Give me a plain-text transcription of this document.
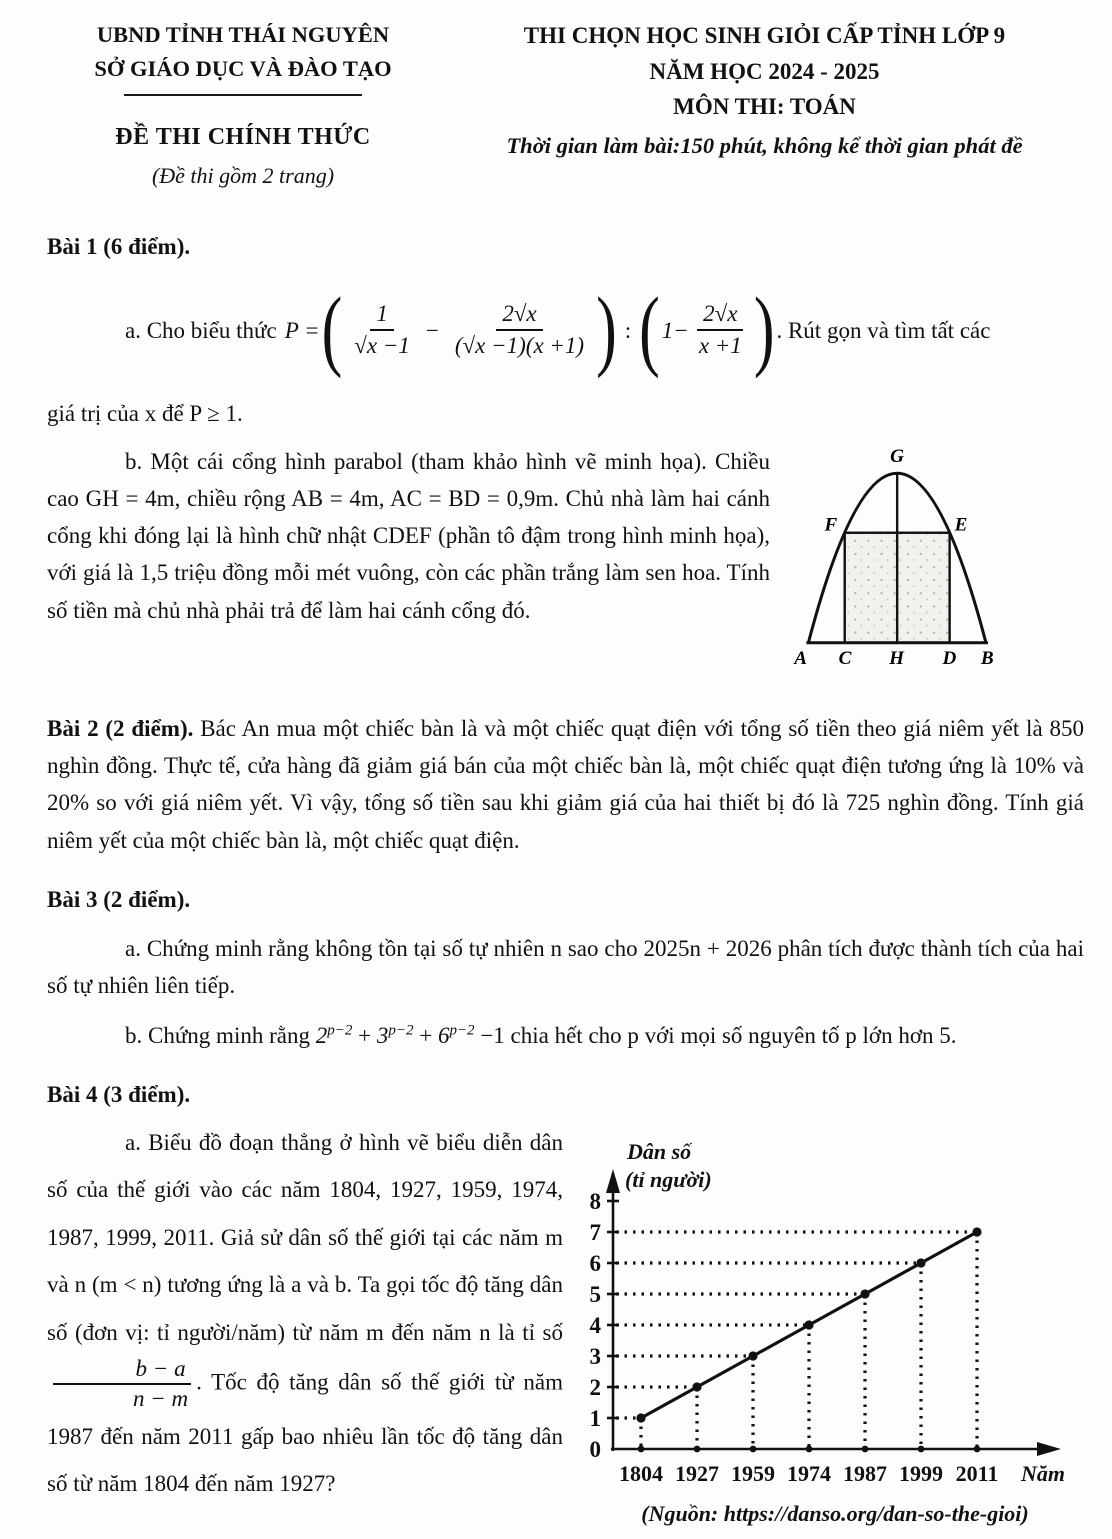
UBND TỈNH THÁI NGUYÊN
SỞ GIÁO DỤC VÀ ĐÀO TẠO
ĐỀ THI CHÍNH THỨC
(Đề thi gồm 2 trang)
THI CHỌN HỌC SINH GIỎI CẤP TỈNH LỚP 9
NĂM HỌC 2024 - 2025
MÔN THI: TOÁN
Thời gian làm bài:150 phút, không kể thời gian phát đề

Bài 1 (6 điểm).

a. Cho biểu thức P = ( $\frac{1}{√x -1} - \frac{2√x}{(√x -1)(x +1)}$ ) : ( $1- \frac{2√x}{x +1}$ ) . Rút gọn và tìm tất các

giá trị của x để P ≥ 1.

b. Một cái cổng hình parabol (tham khảo hình vẽ minh họa). Chiều cao GH = 4m, chiều rộng AB = 4m, AC = BD = 0,9m. Chủ nhà làm hai cánh cổng khi đóng lại là hình chữ nhật CDEF (phần tô đậm trong hình minh họa), với giá là 1,5 triệu đồng mỗi mét vuông, còn các phần trắng làm sen hoa. Tính số tiền mà chủ nhà phải trả để làm hai cánh cổng đó.

G
F	E
A C H D B

Bài 2 (2 điểm). Bác An mua một chiếc bàn là và một chiếc quạt điện với tổng số tiền theo giá niêm yết là 850 nghìn đồng. Thực tế, cửa hàng đã giảm giá bán của một chiếc bàn là, một chiếc quạt điện tương ứng là 10% và 20% so với giá niêm yết. Vì vậy, tổng số tiền sau khi giảm giá của hai thiết bị đó là 725 nghìn đồng. Tính giá niêm yết của một chiếc bàn là, một chiếc quạt điện.

Bài 3 (2 điểm).

a. Chứng minh rằng không tồn tại số tự nhiên n sao cho 2025n + 2026 phân tích được thành tích của hai số tự nhiên liên tiếp.

b. Chứng minh rằng $2^{p-2} + 3^{p-2} + 6^{p-2} -1$ chia hết cho p với mọi số nguyên tố p lớn hơn 5.

Bài 4 (3 điểm).

a. Biểu đồ đoạn thẳng ở hình vẽ biểu diễn dân số của thế giới vào các năm 1804, 1927, 1959, 1974, 1987, 1999, 2011. Giả sử dân số thế giới tại các năm m và n (m < n) tương ứng là a và b. Ta gọi tốc độ tăng dân số (đơn vị: tỉ người/năm) từ năm m đến năm n là tỉ số
$\frac{b - a}{n - m}$ . Tốc độ tăng dân số thế giới từ năm 1987 đến năm 2011 gấp bao nhiêu lần tốc độ tăng dân số từ năm 1804 đến năm 1927?

Dân số
(tỉ người)
Năm
(Nguồn: https://danso.org/dan-so-the-gioi)
0
1
2
3
4
5
6
7
8
1804 1927 1959 1974 1987 1999 2011
